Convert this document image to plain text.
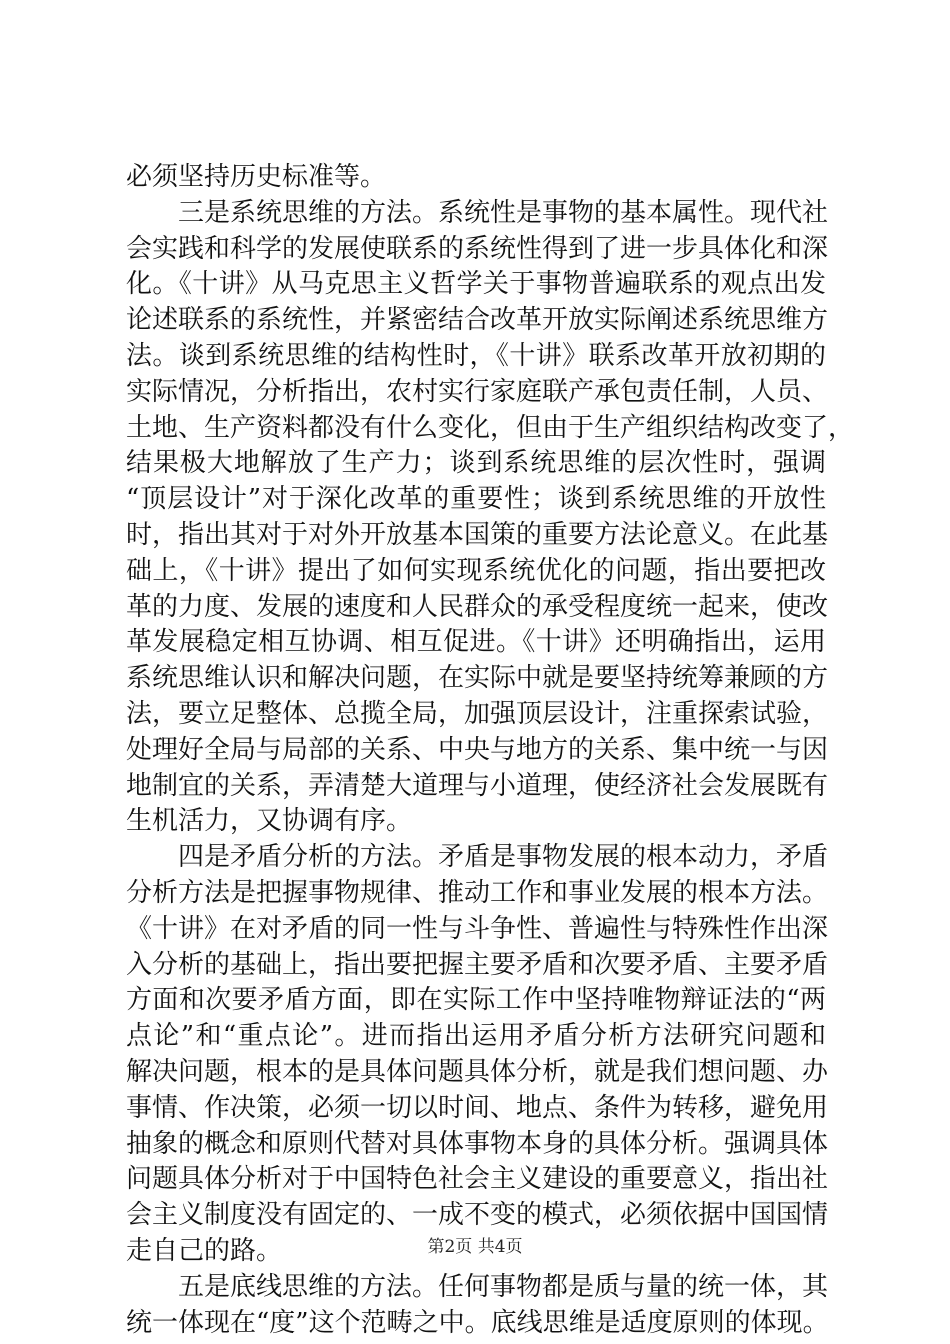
必须坚持历史标准等。
三是系统思维的方法。系统性是事物的基本属性。现代社
会实践和科学的发展使联系的系统性得到了进一步具体化和深
化。《十讲》从马克思主义哲学关于事物普遍联系的观点出发
论述联系的系统性，并紧密结合改革开放实际阐述系统思维方
法。谈到系统思维的结构性时，《十讲》联系改革开放初期的
实际情况，分析指出，农村实行家庭联产承包责任制，人员、
土地、生产资料都没有什么变化，但由于生产组织结构改变了，
结果极大地解放了生产力；谈到系统思维的层次性时，强调
“顶层设计”对于深化改革的重要性；谈到系统思维的开放性
时，指出其对于对外开放基本国策的重要方法论意义。在此基
础上，《十讲》提出了如何实现系统优化的问题，指出要把改
革的力度、发展的速度和人民群众的承受程度统一起来，使改
革发展稳定相互协调、相互促进。《十讲》还明确指出，运用
系统思维认识和解决问题，在实际中就是要坚持统筹兼顾的方
法，要立足整体、总揽全局，加强顶层设计，注重探索试验，
处理好全局与局部的关系、中央与地方的关系、集中统一与因
地制宜的关系，弄清楚大道理与小道理，使经济社会发展既有
生机活力，又协调有序。
四是矛盾分析的方法。矛盾是事物发展的根本动力，矛盾
分析方法是把握事物规律、推动工作和事业发展的根本方法。
《十讲》在对矛盾的同一性与斗争性、普遍性与特殊性作出深
入分析的基础上，指出要把握主要矛盾和次要矛盾、主要矛盾
方面和次要矛盾方面，即在实际工作中坚持唯物辩证法的“两
点论”和“重点论”。进而指出运用矛盾分析方法研究问题和
解决问题，根本的是具体问题具体分析，就是我们想问题、办
事情、作决策，必须一切以时间、地点、条件为转移，避免用
抽象的概念和原则代替对具体事物本身的具体分析。强调具体
问题具体分析对于中国特色社会主义建设的重要意义，指出社
会主义制度没有固定的、一成不变的模式，必须依据中国国情
走自己的路。
五是底线思维的方法。任何事物都是质与量的统一体，其
统一体现在“度”这个范畴之中。底线思维是适度原则的体现。
第2页 共4页
